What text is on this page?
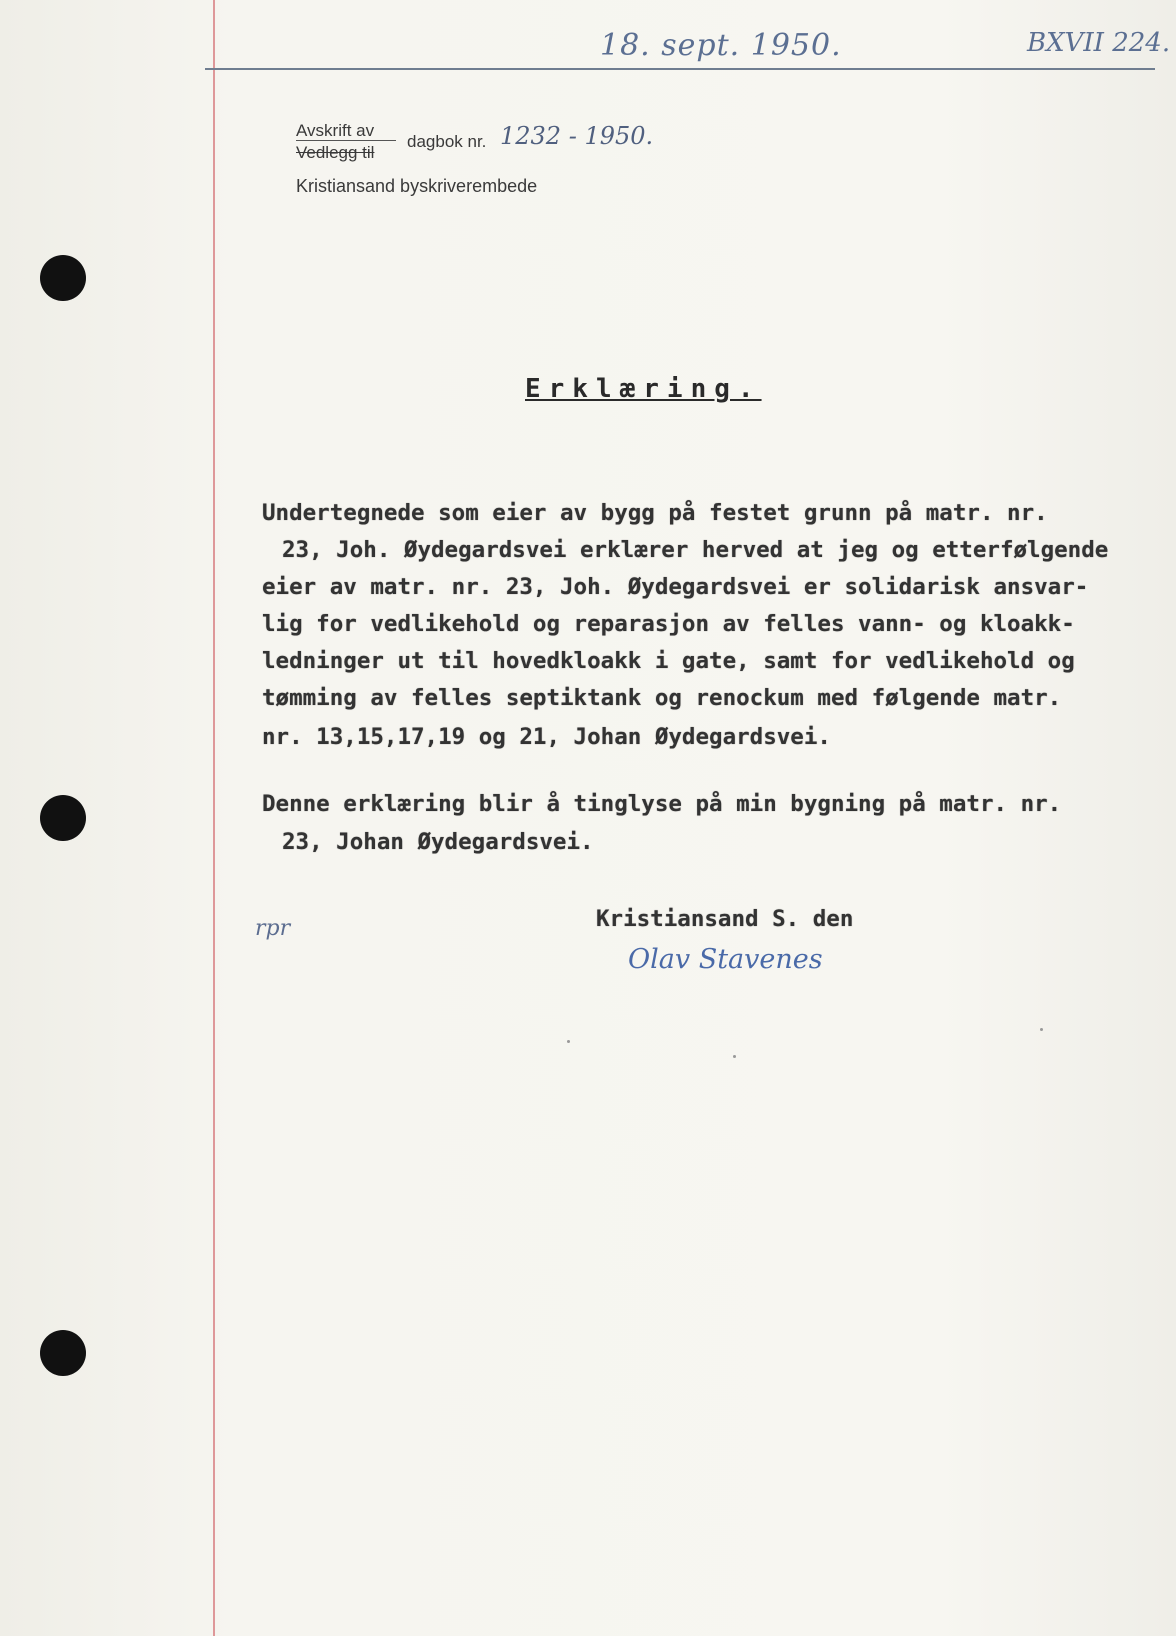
18. sept. 1950.	BXVII 224.
Avskrift av
Vedlegg til
dagbok nr. 1232 - 1950.
Kristiansand byskriverembede
Erklæring.
Undertegnede som eier av bygg på festet grunn på matr. nr.
23, Joh. Øydegardsvei erklærer herved at jeg og etterfølgende
eier av matr. nr. 23, Joh. Øydegardsvei er solidarisk ansvar-
lig for vedlikehold og reparasjon av felles vann- og kloakk-
ledninger ut til hovedkloakk i gate, samt for vedlikehold og
tømming av felles septiktank og renockum med følgende matr.
nr. 13,15,17,19 og 21, Johan Øydegardsvei.
Denne erklæring blir å tinglyse på min bygning på matr. nr.
23, Johan Øydegardsvei.
Kristiansand S. den
Olav Stavenes
rpr
